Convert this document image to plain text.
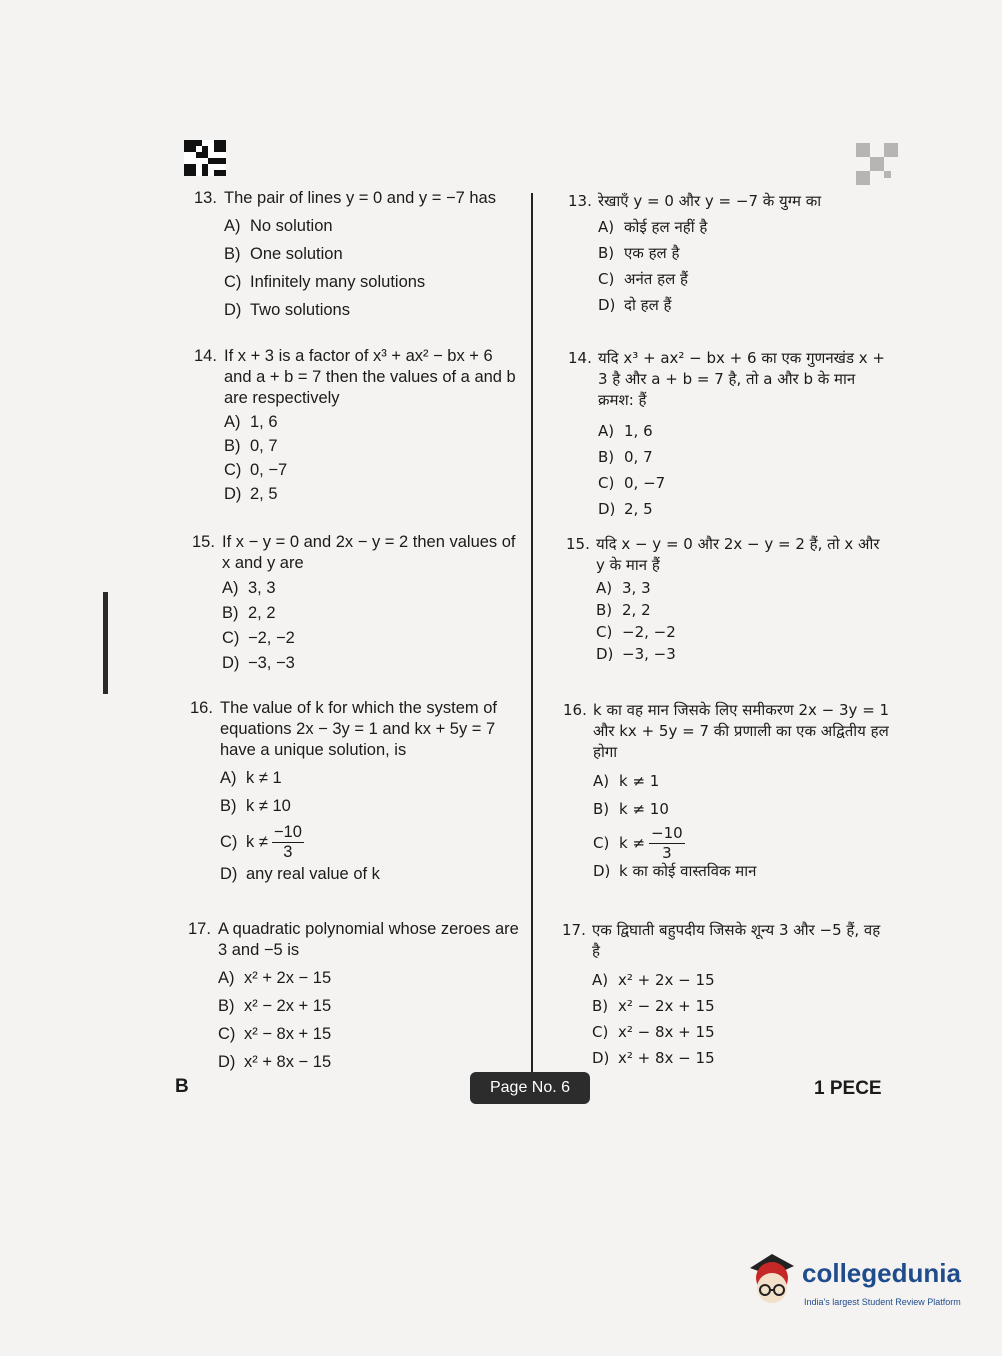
13. The pair of lines y = 0 and y = −7 has
A) No solution
B) One solution
C) Infinitely many solutions
D) Two solutions
14. If x + 3 is a factor of x³ + ax² − bx + 6 and a + b = 7 then the values of a and b are respectively
A) 1, 6
B) 0, 7
C) 0, −7
D) 2, 5
15. If x − y = 0 and 2x − y = 2 then values of x and y are
A) 3, 3
B) 2, 2
C) −2, −2
D) −3, −3
16. The value of k for which the system of equations 2x − 3y = 1 and kx + 5y = 7 have a unique solution, is
A) k ≠ 1
B) k ≠ 10
C) $k \ne \frac{-10}{3}$
D) any real value of k
17. A quadratic polynomial whose zeroes are 3 and −5 is
A) x² + 2x − 15
B) x² − 2x + 15
C) x² − 8x + 15
D) x² + 8x − 15
13. रेखाएँ y = 0 और y = −7 के युग्म का
A) कोई हल नहीं है
B) एक हल है
C) अनंत हल हैं
D) दो हल हैं
14. यदि x³ + ax² − bx + 6 का एक गुणनखंड x + 3 है और a + b = 7 है, तो a और b के मान क्रमश: हैं
A) 1, 6
B) 0, 7
C) 0, −7
D) 2, 5
15. यदि x − y = 0 और 2x − y = 2 हैं, तो x और y के मान हैं
A) 3, 3
B) 2, 2
C) −2, −2
D) −3, −3
16. k का वह मान जिसके लिए समीकरण 2x − 3y = 1 और kx + 5y = 7 की प्रणाली का एक अद्वितीय हल होगा
A) k ≠ 1
B) k ≠ 10
C) $k \ne \frac{-10}{3}$
D) k का कोई वास्तविक मान
17. एक द्विघाती बहुपदीय जिसके शून्य 3 और −5 हैं, वह है
A) x² + 2x − 15
B) x² − 2x + 15
C) x² − 8x + 15
D) x² + 8x − 15
B	Page No. 6	1 PECE
collegedunia
India's largest Student Review Platform
